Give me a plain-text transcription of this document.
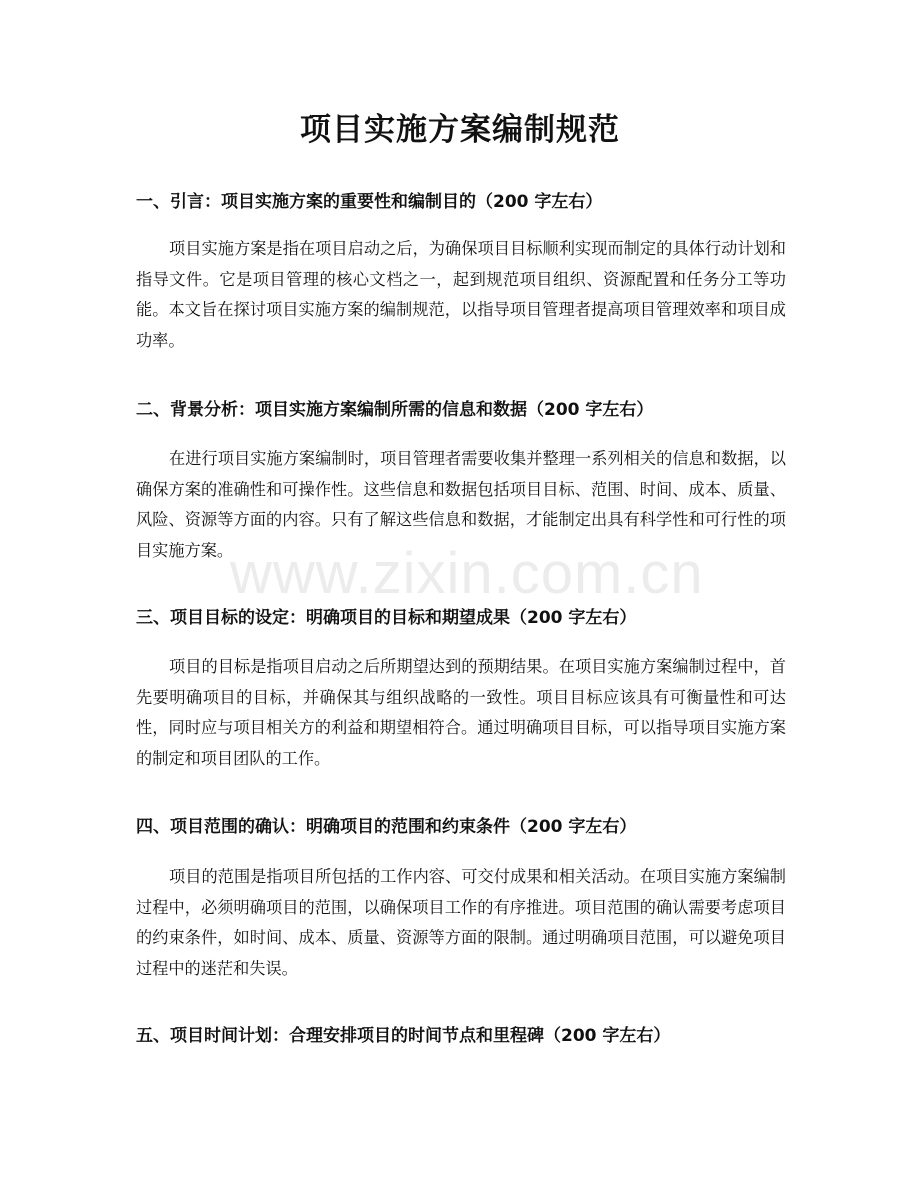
项目实施方案编制规范
一、引言：项目实施方案的重要性和编制目的（200 字左右）

项目实施方案是指在项目启动之后，为确保项目目标顺利实现而制定的具体行动计划和指导文件。它是项目管理的核心文档之一，起到规范项目组织、资源配置和任务分工等功能。本文旨在探讨项目实施方案的编制规范，以指导项目管理者提高项目管理效率和项目成功率。

二、背景分析：项目实施方案编制所需的信息和数据（200 字左右）

在进行项目实施方案编制时，项目管理者需要收集并整理一系列相关的信息和数据，以确保方案的准确性和可操作性。这些信息和数据包括项目目标、范围、时间、成本、质量、风险、资源等方面的内容。只有了解这些信息和数据，才能制定出具有科学性和可行性的项目实施方案。

三、项目目标的设定：明确项目的目标和期望成果（200 字左右）

项目的目标是指项目启动之后所期望达到的预期结果。在项目实施方案编制过程中，首先要明确项目的目标，并确保其与组织战略的一致性。项目目标应该具有可衡量性和可达性，同时应与项目相关方的利益和期望相符合。通过明确项目目标，可以指导项目实施方案的制定和项目团队的工作。

四、项目范围的确认：明确项目的范围和约束条件（200 字左右）

项目的范围是指项目所包括的工作内容、可交付成果和相关活动。在项目实施方案编制过程中，必须明确项目的范围，以确保项目工作的有序推进。项目范围的确认需要考虑项目的约束条件，如时间、成本、质量、资源等方面的限制。通过明确项目范围，可以避免项目过程中的迷茫和失误。

五、项目时间计划：合理安排项目的时间节点和里程碑（200 字左右）
www.zixin.com.cn
